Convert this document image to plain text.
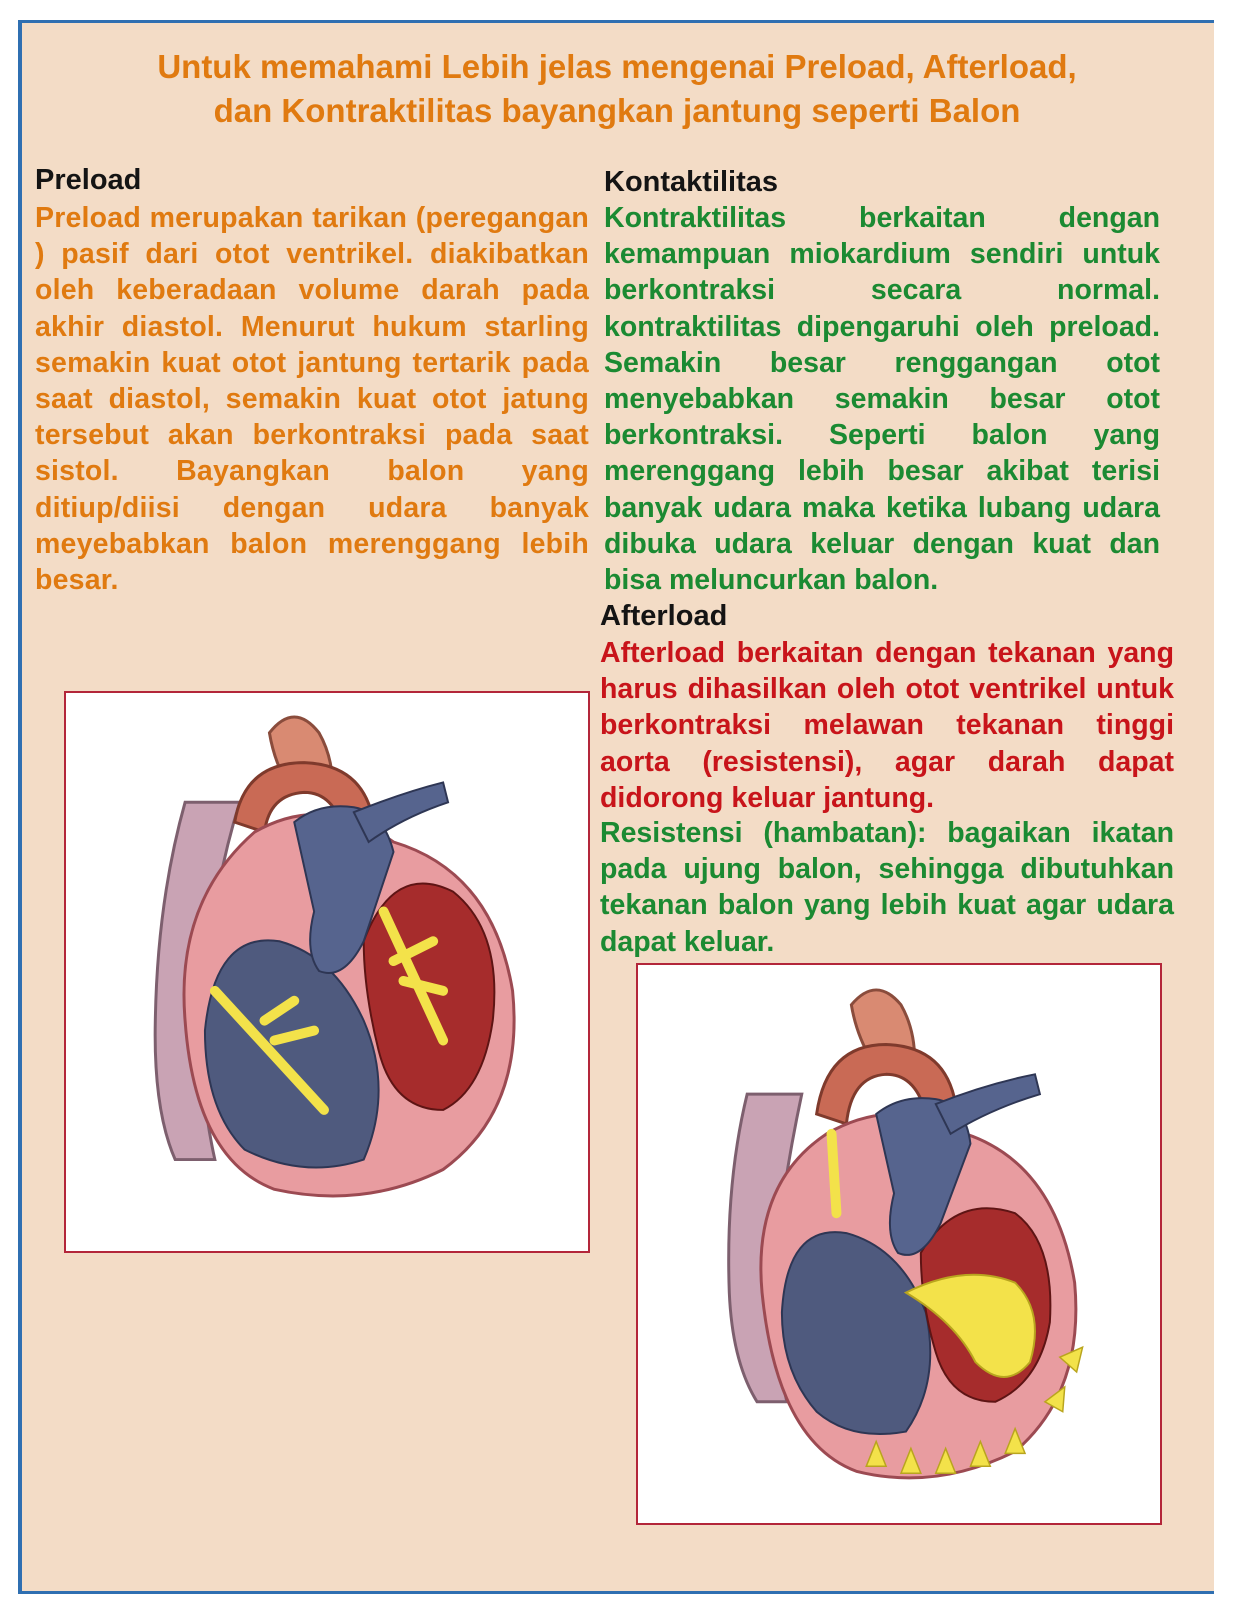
Untuk memahami Lebih jelas mengenai Preload, Afterload,
dan Kontraktilitas bayangkan jantung seperti Balon
Preload

Preload merupakan tarikan (peregangan ) pasif dari otot ventrikel. diakibatkan oleh keberadaan volume darah pada akhir diastol. Menurut hukum starling semakin kuat otot jantung tertarik pada saat diastol, semakin kuat otot jatung tersebut akan berkontraksi pada saat sistol. Bayangkan balon yang ditiup/diisi dengan udara banyak meyebabkan balon merenggang lebih besar.

Kontaktilitas

Kontraktilitas berkaitan dengan kemampuan miokardium sendiri untuk berkontraksi secara normal. kontraktilitas dipengaruhi oleh preload. Semakin besar renggangan otot menyebabkan semakin besar otot berkontraksi. Seperti balon yang merenggang lebih besar akibat terisi banyak udara maka ketika lubang udara dibuka udara keluar dengan kuat dan bisa meluncurkan balon.

Afterload

Afterload berkaitan dengan tekanan yang harus dihasilkan oleh otot ventrikel untuk berkontraksi melawan tekanan tinggi aorta (resistensi), agar darah dapat didorong keluar jantung.

Resistensi (hambatan): bagaikan ikatan pada ujung balon, sehingga dibutuhkan tekanan balon yang lebih kuat agar udara dapat keluar.
